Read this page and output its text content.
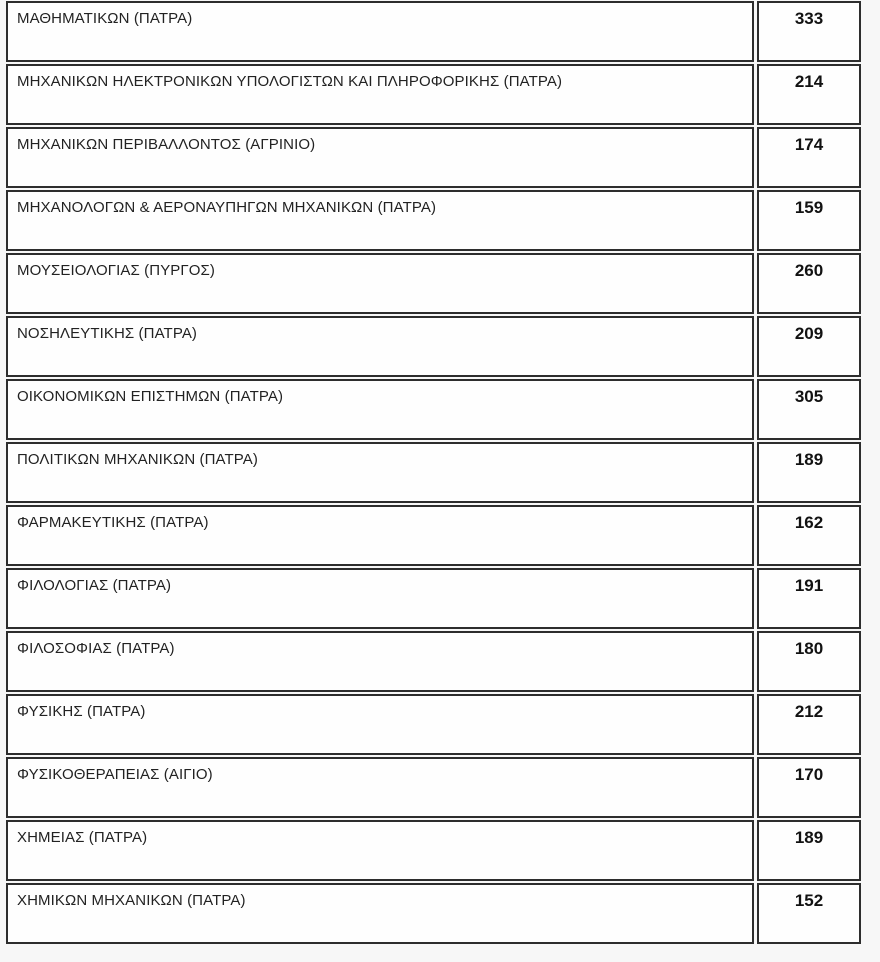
ΜΑΘΗΜΑΤΙΚΩΝ (ΠΑΤΡΑ)	333
ΜΗΧΑΝΙΚΩΝ ΗΛΕΚΤΡΟΝΙΚΩΝ ΥΠΟΛΟΓΙΣΤΩΝ ΚΑΙ ΠΛΗΡΟΦΟΡΙΚΗΣ (ΠΑΤΡΑ)	214
ΜΗΧΑΝΙΚΩΝ ΠΕΡΙΒΑΛΛΟΝΤΟΣ (ΑΓΡΙΝΙΟ)	174
ΜΗΧΑΝΟΛΟΓΩΝ & ΑΕΡΟΝΑΥΠΗΓΩΝ ΜΗΧΑΝΙΚΩΝ (ΠΑΤΡΑ)	159
ΜΟΥΣΕΙΟΛΟΓΙΑΣ (ΠΥΡΓΟΣ)	260
ΝΟΣΗΛΕΥΤΙΚΗΣ (ΠΑΤΡΑ)	209
ΟΙΚΟΝΟΜΙΚΩΝ ΕΠΙΣΤΗΜΩΝ (ΠΑΤΡΑ)	305
ΠΟΛΙΤΙΚΩΝ ΜΗΧΑΝΙΚΩΝ (ΠΑΤΡΑ)	189
ΦΑΡΜΑΚΕΥΤΙΚΗΣ (ΠΑΤΡΑ)	162
ΦΙΛΟΛΟΓΙΑΣ (ΠΑΤΡΑ)	191
ΦΙΛΟΣΟΦΙΑΣ (ΠΑΤΡΑ)	180
ΦΥΣΙΚΗΣ (ΠΑΤΡΑ)	212
ΦΥΣΙΚΟΘΕΡΑΠΕΙΑΣ (ΑΙΓΙΟ)	170
ΧΗΜΕΙΑΣ (ΠΑΤΡΑ)	189
ΧΗΜΙΚΩΝ ΜΗΧΑΝΙΚΩΝ (ΠΑΤΡΑ)	152
